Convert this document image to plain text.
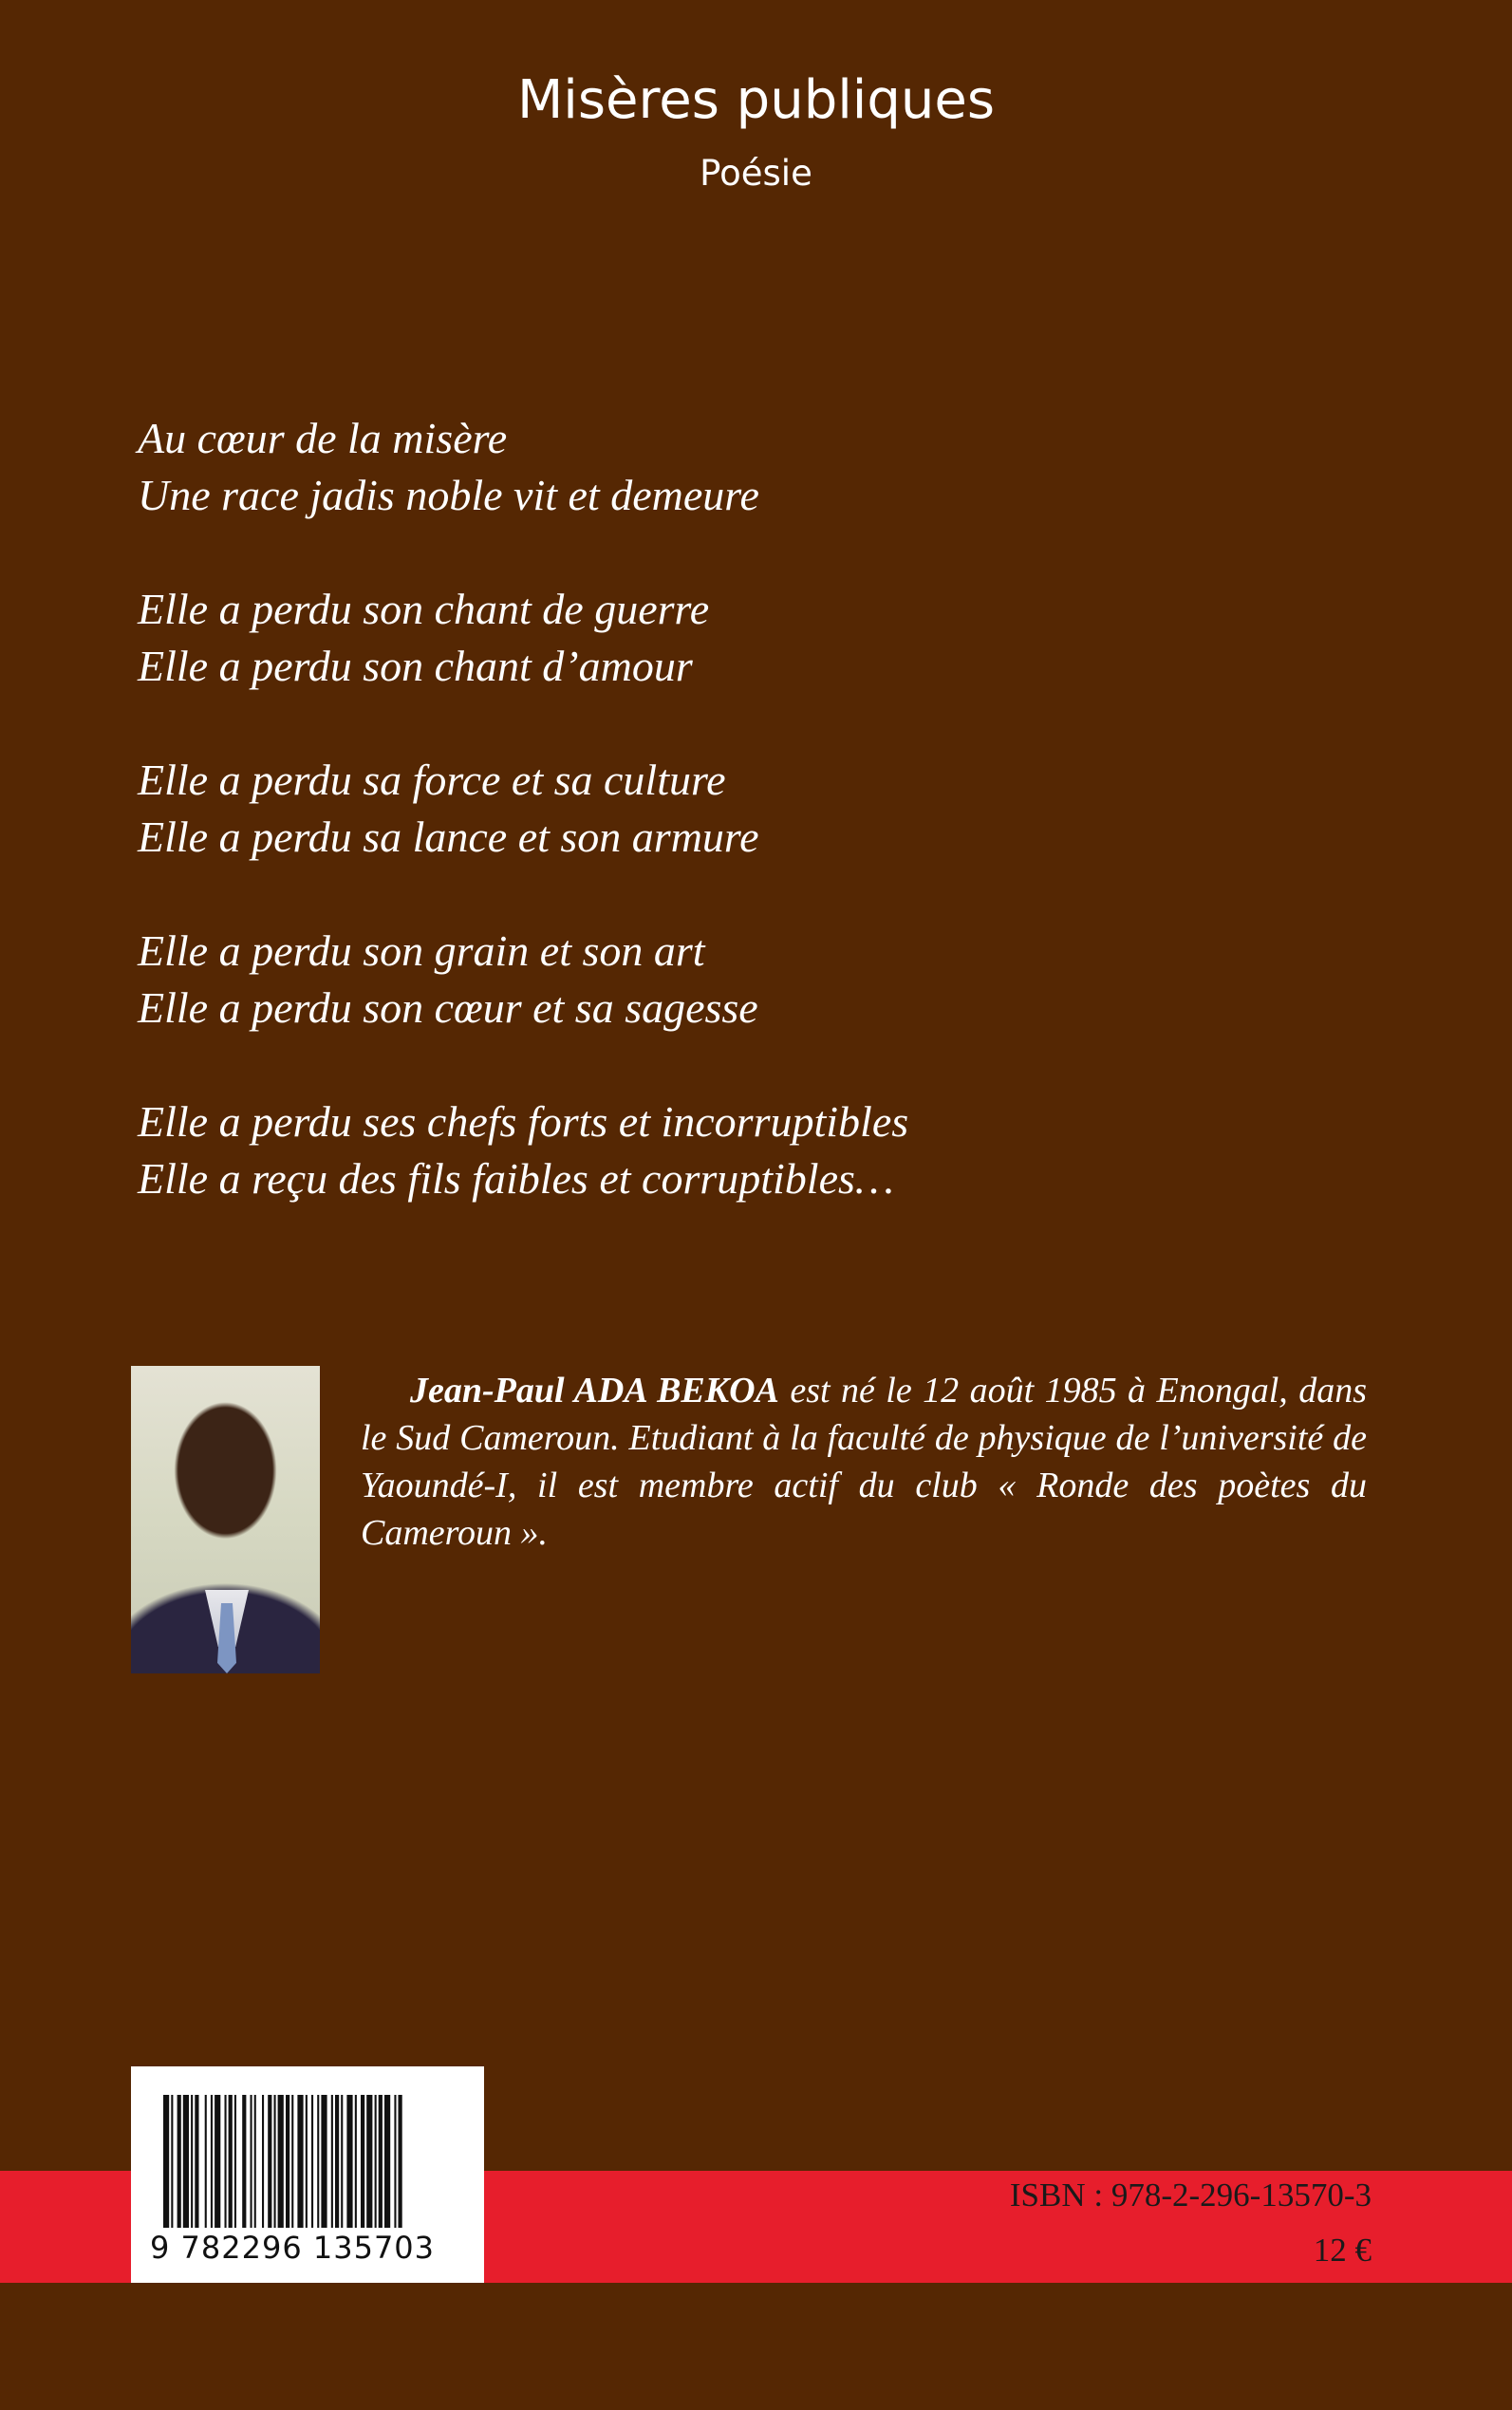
Misères publiques
Poésie
Au cœur de la misère
Une race jadis noble vit et demeure
Elle a perdu son chant de guerre
Elle a perdu son chant d’amour
Elle a perdu sa force et sa culture
Elle a perdu sa lance et son armure
Elle a perdu son grain et son art
Elle a perdu son cœur et sa sagesse
Elle a perdu ses chefs forts et incorruptibles
Elle a reçu des fils faibles et corruptibles…
Jean-Paul ADA BEKOA est né le 12 août 1985 à Enongal, dans le Sud Cameroun. Etudiant à la faculté de physique de l’université de Yaoundé-I, il est membre actif du club « Ronde des poètes du Cameroun ».
9 782296 135703
ISBN : 978-2-296-13570-3
12 €
